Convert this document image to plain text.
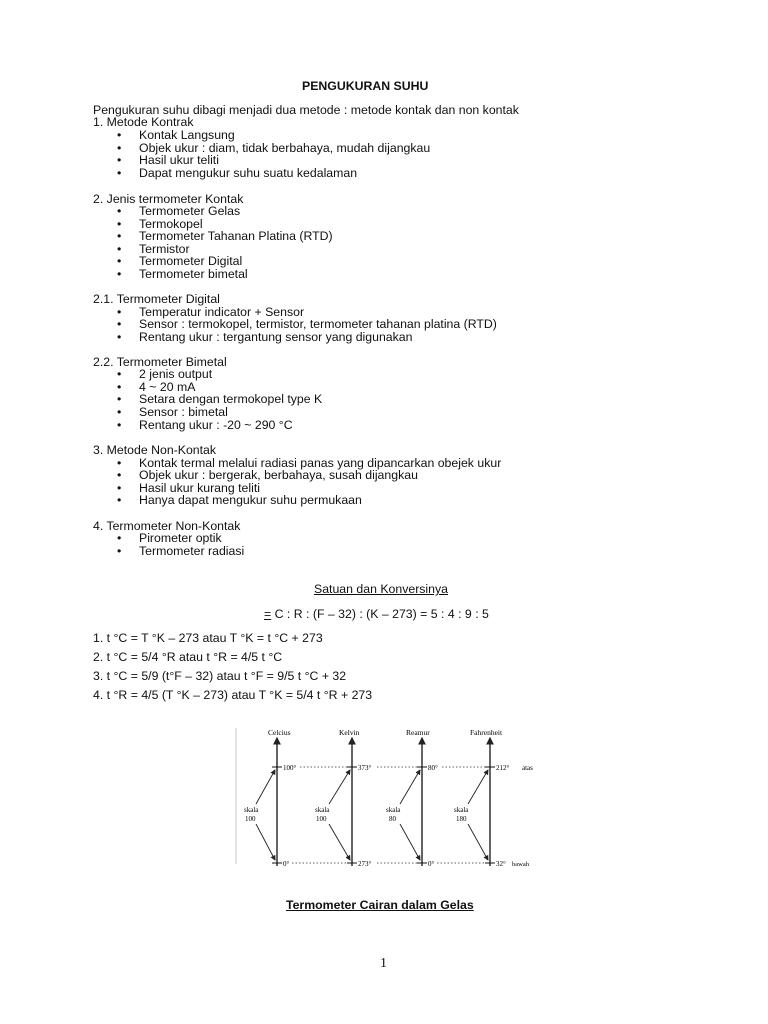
PENGUKURAN SUHU
Pengukuran suhu dibagi menjadi dua metode : metode kontak dan non kontak
1. Metode Kontrak
• Kontak Langsung
• Objek ukur : diam, tidak berbahaya, mudah dijangkau
• Hasil ukur teliti
• Dapat mengukur suhu suatu kedalaman
2. Jenis termometer Kontak
• Termometer Gelas
• Termokopel
• Termometer Tahanan Platina (RTD)
• Termistor
• Termometer Digital
• Termometer bimetal
2.1. Termometer Digital
• Temperatur indicator + Sensor
• Sensor : termokopel, termistor, termometer tahanan platina (RTD)
• Rentang ukur : tergantung sensor yang digunakan
2.2. Termometer Bimetal
• 2 jenis output
• 4 ~ 20 mA
• Setara dengan termokopel type K
• Sensor : bimetal
• Rentang ukur : -20 ~ 290 °C
3. Metode Non-Kontak
• Kontak termal melalui radiasi panas yang dipancarkan obejek ukur
• Objek ukur : bergerak, berbahaya, susah dijangkau
• Hasil ukur kurang teliti
• Hanya dapat mengukur suhu permukaan
4. Termometer Non-Kontak
• Pirometer optik
• Termometer radiasi
Satuan dan Konversinya
= C : R : (F – 32) : (K – 273) = 5 : 4 : 9 : 5
1. t °C = T °K – 273 atau T °K = t °C + 273
2. t °C = 5/4 °R atau t °R = 4/5 t °C
3. t °C = 5/9 (t°F – 32) atau t °F = 9/5 t °C + 32
4. t °R = 4/5 (T °K – 273) atau T °K = 5/4 t °R + 273
Celcius
100°
0°
skala
100
Kelvin
373°
273°
skala
100
Reamur
80°
0°
skala
80
Fahrenheit
212°
32°
atas
bawah
skala
180
Termometer Cairan dalam Gelas
1
